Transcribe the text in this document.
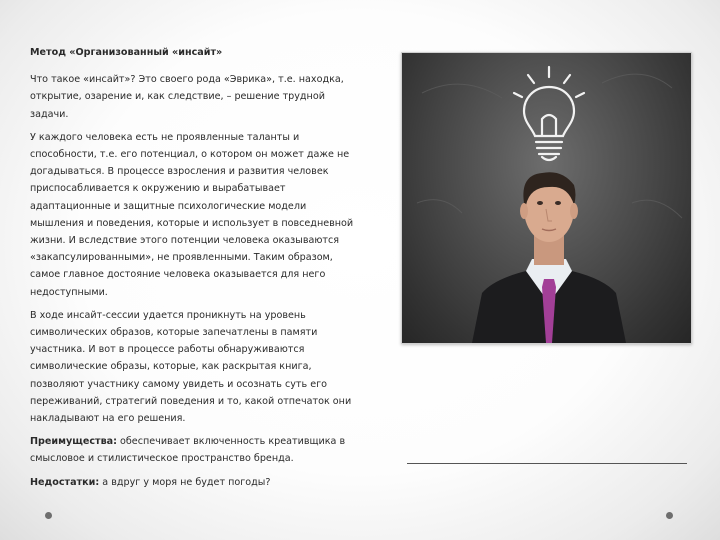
Метод «Организованный «инсайт»

Что такое «инсайт»? Это своего рода «Эврика», т.е. находка, открытие, озарение и, как следствие, – решение трудной задачи.

У каждого человека есть не проявленные таланты и способности, т.е. его потенциал, о котором он может даже не догадываться. В процессе взросления и развития человек приспосабливается к окружению и вырабатывает адаптационные и защитные психологические модели мышления и поведения, которые и использует в повседневной жизни. И вследствие этого потенции человека оказываются «закапсулированными», не проявленными. Таким образом, самое главное достояние человека оказывается для него недоступными.

В ходе инсайт-сессии удается проникнуть на уровень символических образов, которые запечатлены в памяти участника. И вот в процессе работы обнаруживаются символические образы, которые, как раскрытая книга, позволяют участнику самому увидеть и осознать суть его переживаний, стратегий поведения и то, какой отпечаток они накладывают на его решения.

Преимущества: обеспечивает включенность креативщика в смысловое и стилистическое пространство бренда.

Недостатки: а вдруг у моря не будет погоды?
